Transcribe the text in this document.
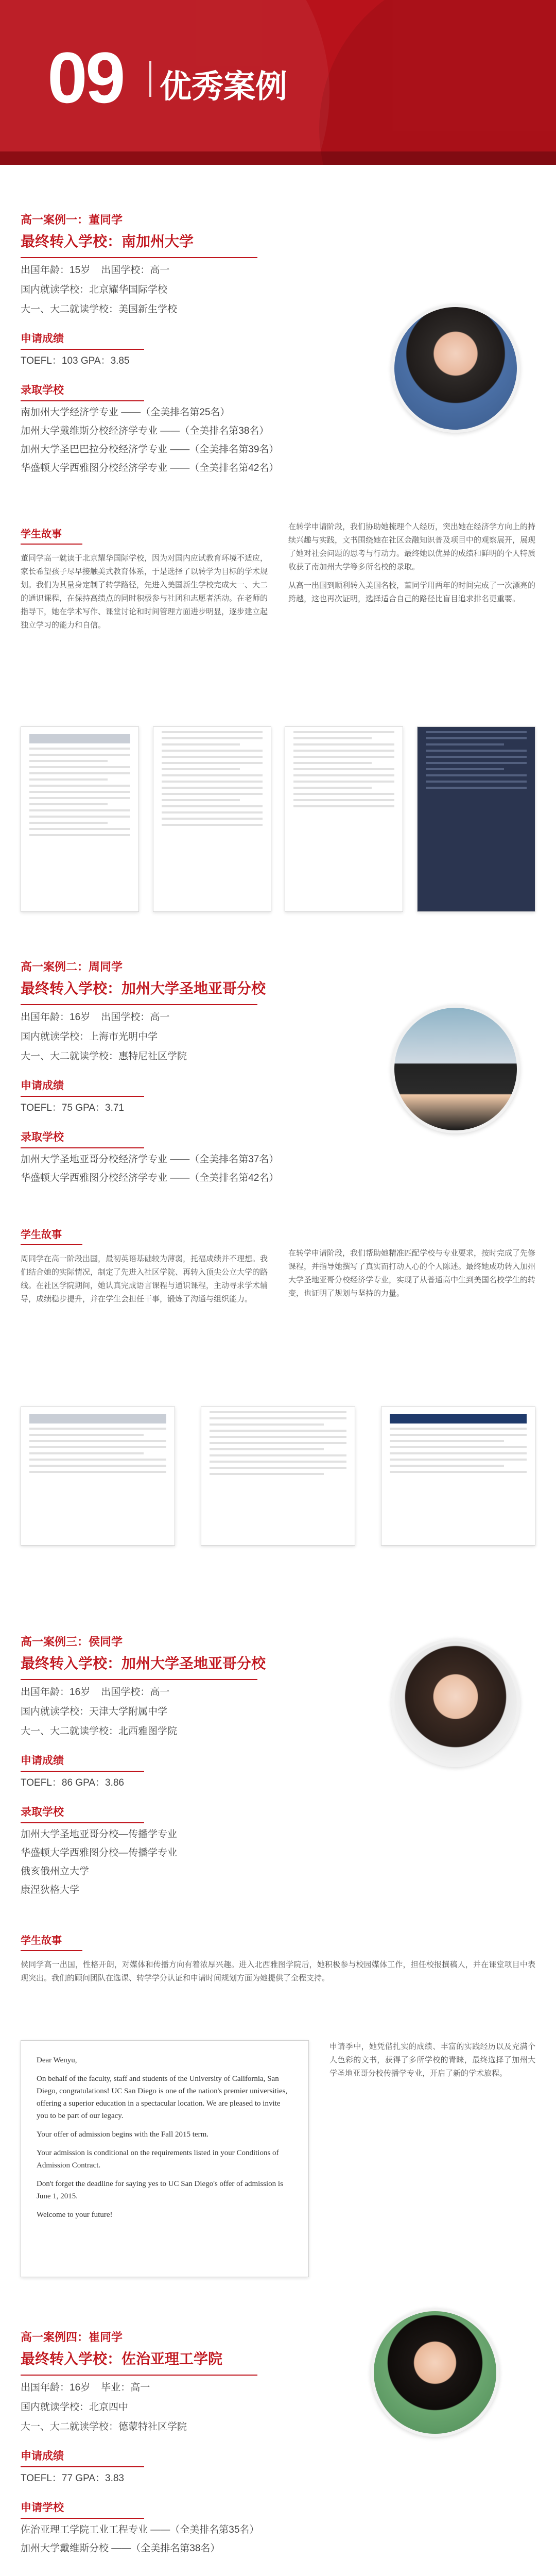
09 优秀案例
高一案例一：董同学
最终转入学校：南加州大学
出国年龄：15岁 出国学校：高一
国内就读学校：北京耀华国际学校
大一、大二就读学校：美国新生学校
申请成绩
TOEFL：103 GPA：3.85
录取学校
南加州大学经济学专业 ——（全美排名第25名）
加州大学戴维斯分校经济学专业 ——（全美排名第38名）
加州大学圣巴巴拉分校经济学专业 ——（全美排名第39名）
华盛顿大学西雅图分校经济学专业 ——（全美排名第42名）
学生故事

董同学高一就读于北京耀华国际学校，因为对国内应试教育环境不适应，家长希望孩子尽早接触美式教育体系，于是选择了以转学为目标的学术规划。我们为其量身定制了转学路径，先进入美国新生学校完成大一、大二的通识课程，在保持高绩点的同时积极参与社团和志愿者活动。在老师的指导下，她在学术写作、课堂讨论和时间管理方面进步明显，逐步建立起独立学习的能力和自信。

在转学申请阶段，我们协助她梳理个人经历，突出她在经济学方向上的持续兴趣与实践，文书围绕她在社区金融知识普及项目中的观察展开，展现了她对社会问题的思考与行动力。最终她以优异的成绩和鲜明的个人特质收获了南加州大学等多所名校的录取。

从高一出国到顺利转入美国名校，董同学用两年的时间完成了一次漂亮的跨越，这也再次证明，选择适合自己的路径比盲目追求排名更重要。

高一案例二：周同学
最终转入学校：加州大学圣地亚哥分校
出国年龄：16岁 出国学校：高一
国内就读学校：上海市光明中学
大一、大二就读学校：惠特尼社区学院
申请成绩
TOEFL：75 GPA：3.71
录取学校
加州大学圣地亚哥分校经济学专业 ——（全美排名第37名）
华盛顿大学西雅图分校经济学专业 ——（全美排名第42名）
学生故事

周同学在高一阶段出国，最初英语基础较为薄弱，托福成绩并不理想。我们结合她的实际情况，制定了先进入社区学院、再转入顶尖公立大学的路线。在社区学院期间，她认真完成语言课程与通识课程，主动寻求学术辅导，成绩稳步提升，并在学生会担任干事，锻炼了沟通与组织能力。

在转学申请阶段，我们帮助她精准匹配学校与专业要求，按时完成了先修课程，并指导她撰写了真实而打动人心的个人陈述。最终她成功转入加州大学圣地亚哥分校经济学专业，实现了从普通高中生到美国名校学生的转变，也证明了规划与坚持的力量。

高一案例三：侯同学
最终转入学校：加州大学圣地亚哥分校
出国年龄：16岁 出国学校：高一
国内就读学校：天津大学附属中学
大一、大二就读学校：北西雅图学院
申请成绩
TOEFL：86 GPA：3.86
录取学校
加州大学圣地亚哥分校—传播学专业
华盛顿大学西雅图分校—传播学专业
俄亥俄州立大学
康涅狄格大学
学生故事

侯同学高一出国，性格开朗，对媒体和传播方向有着浓厚兴趣。进入北西雅图学院后，她积极参与校园媒体工作，担任校报撰稿人，并在课堂项目中表现突出。我们的顾问团队在选课、转学学分认证和申请时间规划方面为她提供了全程支持。

Dear Wenyu,

On behalf of the faculty, staff and students of the University of California, San Diego, congratulations! UC San Diego is one of the nation's premier universities, offering a superior education in a spectacular location. We are pleased to invite you to be part of our legacy.

Your offer of admission begins with the Fall 2015 term.

Your admission is conditional on the requirements listed in your Conditions of Admission Contract.

Don't forget the deadline for saying yes to UC San Diego's offer of admission is June 1, 2015.

Welcome to your future!

申请季中，她凭借扎实的成绩、丰富的实践经历以及充满个人色彩的文书，获得了多所学校的青睐，最终选择了加州大学圣地亚哥分校传播学专业，开启了新的学术旅程。

高一案例四：崔同学
最终转入学校：佐治亚理工学院
出国年龄：16岁 毕业：高一
国内就读学校：北京四中
大一、大二就读学校：德蒙特社区学院
申请成绩
TOEFL：77 GPA：3.83
申请学校
佐治亚理工学院工业工程专业 ——（全美排名第35名）
加州大学戴维斯分校 ——（全美排名第38名）
